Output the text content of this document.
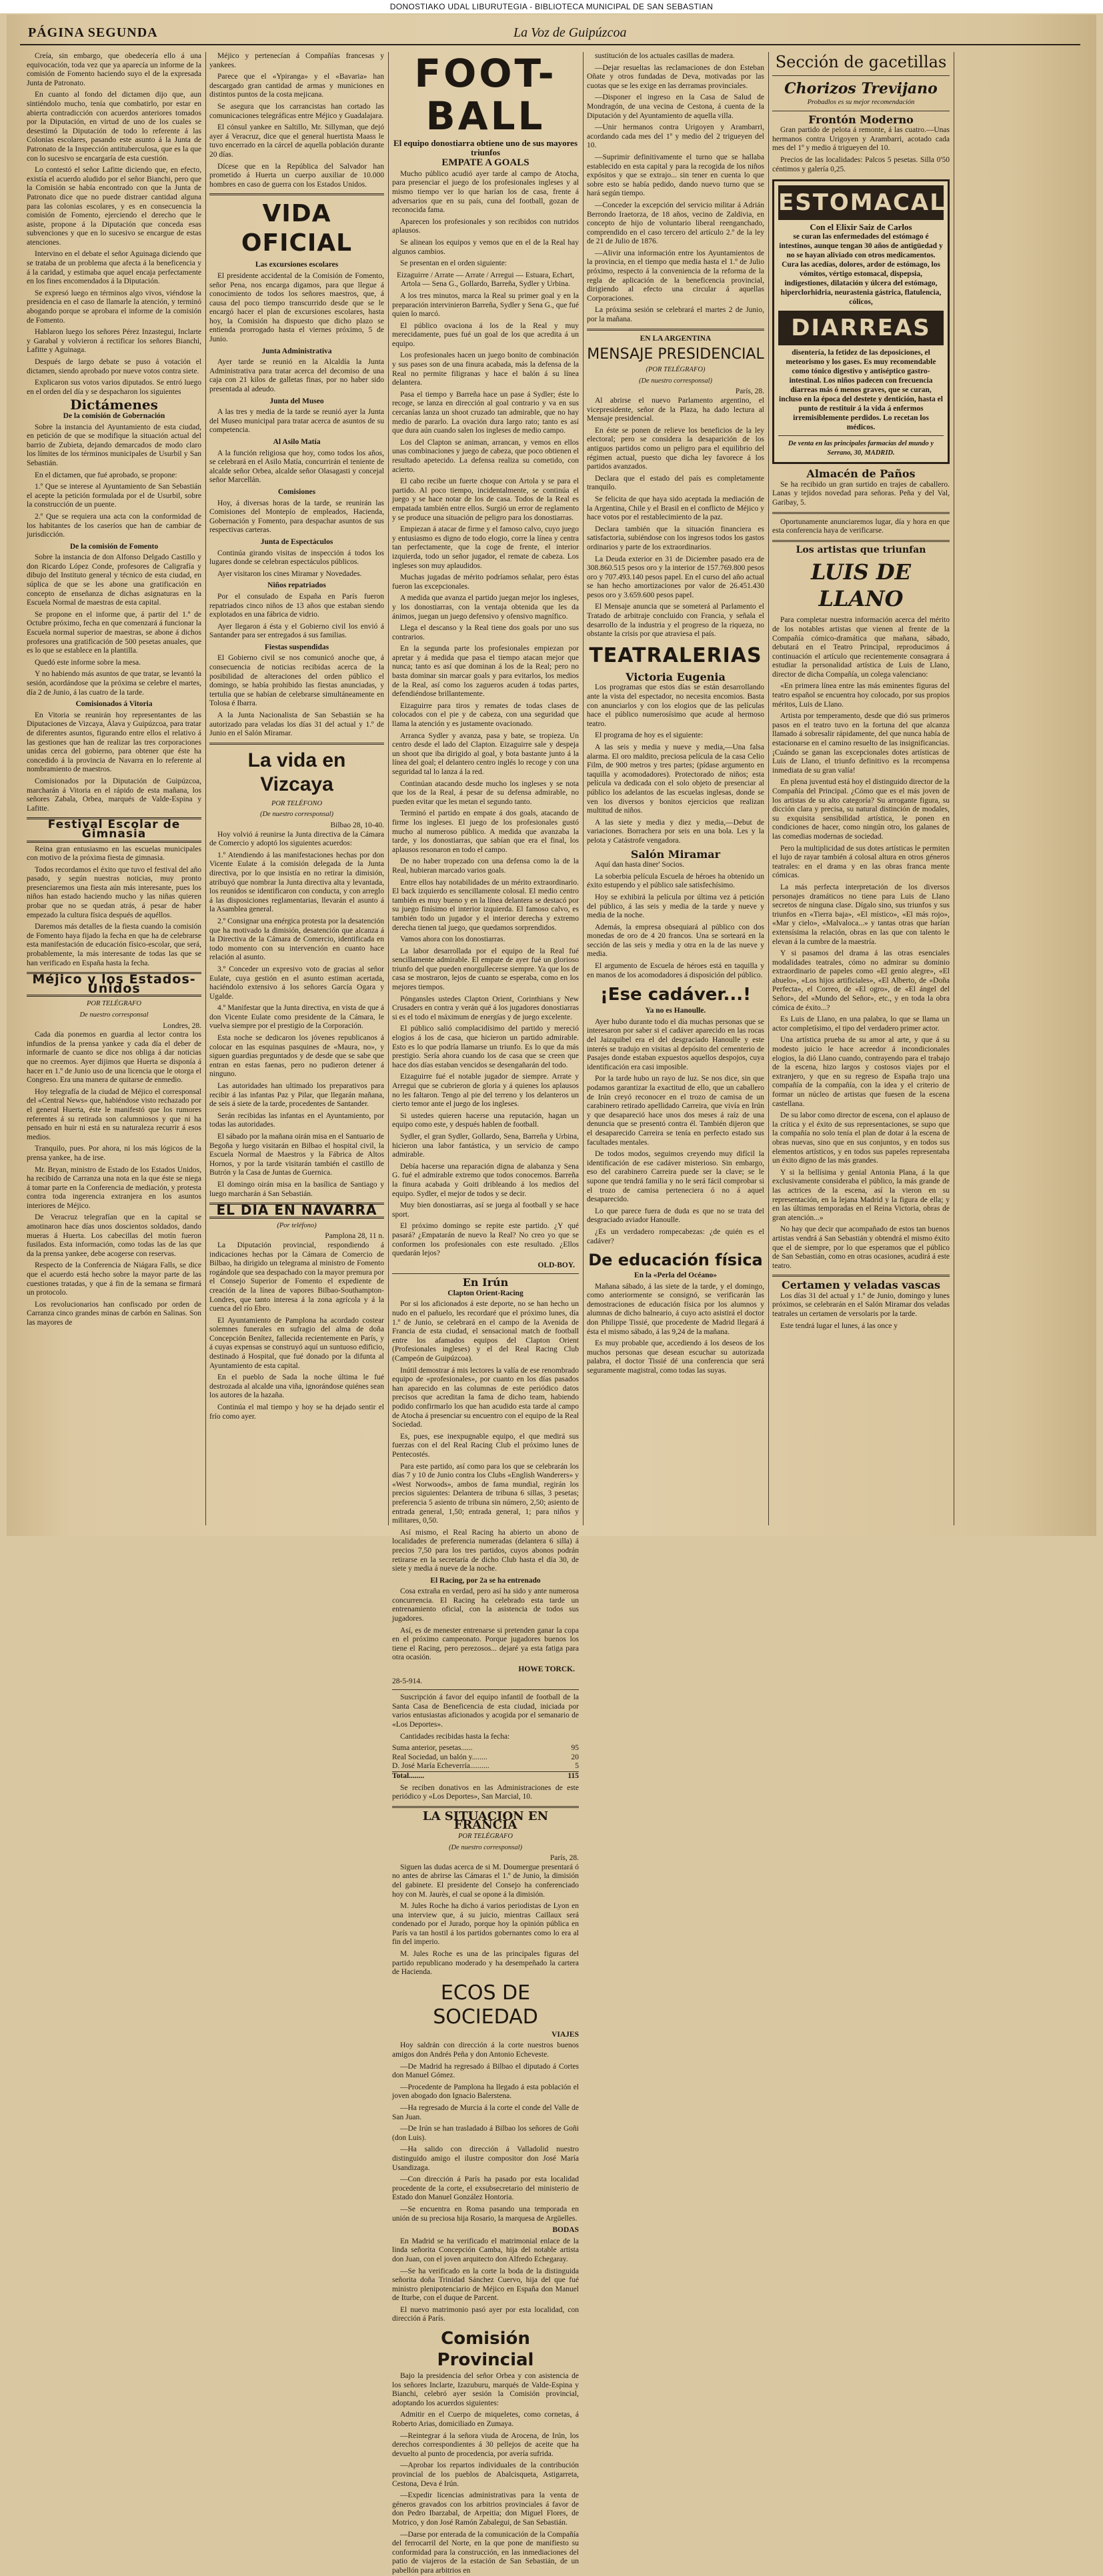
DONOSTIAKO UDAL LIBURUTEGIA - BIBLIOTECA MUNICIPAL DE SAN SEBASTIAN
PÁGINA SEGUNDA	La Voz de Guipúzcoa

Creía, sin embargo, que obedecería ello á una equivocación, toda vez que ya aparecía un informe de la comisión de Fomento haciendo suyo el de la expresada Junta de Patronato.

En cuanto al fondo del dictamen dijo que, aun sintiéndolo mucho, tenía que combatirlo, por estar en abierta contradicción con acuerdos anteriores tomados por la Diputación, en virtud de uno de los cuales se desestimó la Diputación de todo lo referente á las Colonias escolares, pasando este asunto á la Junta de Patronato de la Inspección antituberculosa, que es la que con lo sucesivo se encargaría de esta cuestión.

Lo contestó el señor Lafitte diciendo que, en efecto, existía el acuerdo aludido por el señor Bianchi, pero que la Comisión se había encontrado con que la Junta de Patronato dice que no puede distraer cantidad alguna para las colonias escolares, y es en consecuencia la comisión de Fomento, ejerciendo el derecho que le asiste, propone á la Diputación que conceda esas subvenciones y que en lo sucesivo se encargue de estas atenciones.

Intervino en el debate el señor Aguinaga diciendo que se trataba de un problema que afecta á la beneficencia y á la caridad, y estimaba que aquel encaja perfectamente en los fines encomendados á la Diputación.

Se expresó luego en términos algo vivos, viéndose la presidencia en el caso de llamarle la atención, y terminó abogando porque se aprobara el informe de la comisión de Fomento.

Hablaron luego los señores Pérez Inzastegui, Inclarte y Garabal y volvieron á rectificar los señores Bianchi, Lafitte y Aguinaga.

Después de largo debate se puso á votación el dictamen, siendo aprobado por nueve votos contra siete.

Explicaron sus votos varios diputados. Se entró luego en el orden del día y se despacharon los siguientes

Dictámenes
De la comisión de Gobernación

Sobre la instancia del Ayuntamiento de esta ciudad, en petición de que se modifique la situación actual del barrio de Zubieta, dejando demarcados de modo claro los límites de los términos municipales de Usurbil y San Sebastián.

En el dictamen, que fué aprobado, se propone:

1.º Que se interese al Ayuntamiento de San Sebastián el acepte la petición formulada por el de Usurbil, sobre la construcción de un puente.

2.º Que se requiera una acta con la conformidad de los habitantes de los caseríos que han de cambiar de jurisdicción.

De la comisión de Fomento

Sobre la instancia de don Alfonso Delgado Castillo y don Ricardo López Conde, profesores de Caligrafía y dibujo del Instituto general y técnico de esta ciudad, en súplica de que se les abone una gratificación en concepto de enseñanza de dichas asignaturas en la Escuela Normal de maestras de esta capital.

Se propone en el informe que, á partir del 1.º de Octubre próximo, fecha en que comenzará á funcionar la Escuela normal superior de maestras, se abone á dichos profesores una gratificación de 500 pesetas anuales, que es lo que se establece en la plantilla.

Quedó este informe sobre la mesa.

Y no habiendo más asuntos de que tratar, se levantó la sesión, acordándose que la próxima se celebre el martes, día 2 de Junio, á las cuatro de la tarde.

Comisionados á Vitoria

En Vitoria se reunirán hoy representantes de las Diputaciones de Vizcaya, Álava y Guipúzcoa, para tratar de diferentes asuntos, figurando entre ellos el relativo á las gestiones que han de realizar las tres corporaciones unidas cerca del gobierno, para obtener que éste ha concedido á la provincia de Navarra en lo referente al nombramiento de maestros.

Comisionados por la Diputación de Guipúzcoa, marcharán á Vitoria en el rápido de esta mañana, los señores Zabala, Orbea, marqués de Valde-Espina y Lafitte.

Festival Escolar de Gimnasia

Reina gran entusiasmo en las escuelas municipales con motivo de la próxima fiesta de gimnasia.

Todos recordamos el éxito que tuvo el festival del año pasado, y según nuestras noticias, muy pronto presenciaremos una fiesta aún más interesante, pues los niños han estado haciendo mucho y las niñas quieren probar que no se quedan atrás, á pesar de haber empezado la cultura física después de aquéllos.

Daremos más detalles de la fiesta cuando la comisión de Fomento haya fijado la fecha en que ha de celebrarse esta manifestación de educación físico-escolar, que será, probablemente, la más interesante de todas las que se han verificado en España hasta la fecha.

Méjico y los Estados-Unidos
POR TELÉGRAFO
De nuestro corresponsal
Londres, 28.

Cada día ponemos en guardia al lector contra los infundios de la prensa yankee y cada día el deber de informarle de cuanto se dice nos obliga á dar noticias que no creemos. Ayer dijimos que Huerta se disponía á hacer en 1.º de Junio uso de una licencia que le otorga el Congreso. Era una manera de quitarse de enmedio.

Hoy telegrafía de la ciudad de Méjico el corresponsal del «Central News» que, habiéndose visto rechazado por el general Huerta, éste le manifestó que los rumores referentes á su retirada son calumniosos y que ni ha pensado en huir ni está en su naturaleza recurrir á esos medios.

Tranquilo, pues. Por ahora, ni los más lógicos de la prensa yankee, ha de irse.

Mr. Bryan, ministro de Estado de los Estados Unidos, ha recibido de Carranza una nota en la que éste se niega á tomar parte en la Conferencia de mediación, y protesta contra toda ingerencia extranjera en los asuntos interiores de Méjico.

De Veracruz telegrafían que en la capital se amotinaron hace días unos doscientos soldados, dando mueras á Huerta. Los cabecillas del motín fueron fusilados. Esta información, como todas las de las que da la prensa yankee, debe acogerse con reservas.

Respecto de la Conferencia de Niágara Falls, se dice que el acuerdo está hecho sobre la mayor parte de las cuestiones tratadas, y que á fin de la semana se firmará un protocolo.

Los revolucionarios han confiscado por orden de Carranza cinco grandes minas de carbón en Salinas. Son las mayores de

Méjico y pertenecían á Compañías francesas y yankees.

Parece que el «Ypiranga» y el «Bavaria» han descargado gran cantidad de armas y municiones en distintos puntos de la costa mejicana.

Se asegura que los carrancistas han cortado las comunicaciones telegráficas entre Méjico y Guadalajara.

El cónsul yankee en Saltillo, Mr. Sillyman, que dejó ayer á Veracruz, dice que el general huertista Maass le tuvo encerrado en la cárcel de aquella población durante 20 días.

Dícese que en la República del Salvador han prometido á Huerta un cuerpo auxiliar de 10.000 hombres en caso de guerra con los Estados Unidos.

VIDA OFICIAL
Las excursiones escolares

El presidente accidental de la Comisión de Fomento, señor Pena, nos encarga digamos, para que llegue á conocimiento de todos los señores maestros, que, á causa del poco tiempo transcurrido desde que se le encargó hacer el plan de excursiones escolares, hasta hoy, la Comisión ha dispuesto que dicho plazo se entienda prorrogado hasta el viernes próximo, 5 de Junio.

Junta Administrativa

Ayer tarde se reunió en la Alcaldía la Junta Administrativa para tratar acerca del decomiso de una caja con 21 kilos de galletas finas, por no haber sido presentada al adeudo.

Junta del Museo

A las tres y media de la tarde se reunió ayer la Junta del Museo municipal para tratar acerca de asuntos de su competencia.

Al Asilo Matía

A la función religiosa que hoy, como todos los años, se celebrará en el Asilo Matía, concurrirán el teniente de alcalde señor Orbea, alcalde señor Olasagasti y concejal señor Marcellán.

Comisiones

Hoy, á diversas horas de la tarde, se reunirán las Comisiones del Montepío de empleados, Hacienda, Gobernación y Fomento, para despachar asuntos de sus respectivas carteras.

Junta de Espectáculos

Continúa girando visitas de inspección á todos los lugares donde se celebran espectáculos públicos.

Ayer visitaron los cines Miramar y Novedades.

Niños repatriados

Por el consulado de España en París fueron repatriados cinco niños de 13 años que estaban siendo explotados en una fábrica de vidrio.

Ayer llegaron á ésta y el Gobierno civil los envió á Santander para ser entregados á sus familias.

Fiestas suspendidas

El Gobierno civil se nos comunicó anoche que, á consecuencia de noticias recibidas acerca de la posibilidad de alteraciones del orden público el domingo, se había prohibido las fiestas anunciadas, y tertulia que se habían de celebrarse simultáneamente en Tolosa é Ibarra.

A la Junta Nacionalista de San Sebastián se ha autorizado para veladas los días 31 del actual y 1.º de Junio en el Salón Miramar.

La vida en Vizcaya
POR TELÉFONO
(De nuestro corresponsal)
Bilbao 28, 10-40.

Hoy volvió á reunirse la Junta directiva de la Cámara de Comercio y adoptó los siguientes acuerdos:

1.º Atendiendo á las manifestaciones hechas por don Vicente Eulate á la comisión delegada de la Junta directiva, por lo que insistía en no retirar la dimisión, atribuyó que nombrar la Junta directiva alta y levantada, los reunidos se identificaron con conducta, y con arreglo á las disposiciones reglamentarias, llevarán el asunto á la Asamblea general.

2.º Consignar una enérgica protesta por la desatención que ha motivado la dimisión, desatención que alcanza á la Directiva de la Cámara de Comercio, identificada en todo momento con su intervención en cuanto hace relación al asunto.

3.º Conceder un expresivo voto de gracias al señor Eulate, cuya gestión en el asunto estiman acertada, haciéndolo extensivo á los señores García Ogara y Ugalde.

4.º Manifestar que la Junta directiva, en vista de que á don Vicente Eulate como presidente de la Cámara, le vuelva siempre por el prestigio de la Corporación.

Esta noche se dedicaron los jóvenes republicanos á colocar en las esquinas pasquines de «Maura, no», y siguen guardias preguntados y de desde que se sabe que entran en estas faenas, pero no pudieron detener á ninguno.

Las autoridades han ultimado los preparativos para recibir á las infantas Paz y Pilar, que llegarán mañana, de seis á siete de la tarde, procedentes de Santander.

Serán recibidas las infantas en el Ayuntamiento, por todas las autoridades.

El sábado por la mañana oirán misa en el Santuario de Begoña y luego visitarán en Bilbao el hospital civil, la Escuela Normal de Maestros y la Fábrica de Altos Hornos, y por la tarde visitarán también el castillo de Butrón y la Casa de Juntas de Guernica.

El domingo oirán misa en la basílica de Santiago y luego marcharán á San Sebastián.

EL DIA EN NAVARRA
(Por teléfono)
Pamplona 28, 11 n.

La Diputación provincial, respondiendo á indicaciones hechas por la Cámara de Comercio de Bilbao, ha dirigido un telegrama al ministro de Fomento rogándole que sea despachado con la mayor premura por el Consejo Superior de Fomento el expediente de creación de la línea de vapores Bilbao-Southampton-Londres, que tanto interesa á la zona agrícola y á la cuenca del río Ebro.

El Ayuntamiento de Pamplona ha acordado costear solemnes funerales en sufragio del alma de doña Concepción Benítez, fallecida recientemente en París, y á cuyas expensas se construyó aquí un suntuoso edificio, destinado á Hospital, que fué donado por la difunta al Ayuntamiento de esta capital.

En el pueblo de Sada la noche última le fué destrozada al alcalde una viña, ignorándose quiénes sean los autores de la hazaña.

Continúa el mal tiempo y hoy se ha dejado sentir el frío como ayer.

FOOT-BALL
El equipo donostiarra obtiene uno de sus mayores triunfos
EMPATE A GOALS

Mucho público acudió ayer tarde al campo de Atocha, para presenciar el juego de los profesionales ingleses y al mismo tiempo ver lo que harían los de casa, frente á adversarios que en su país, cuna del football, gozan de reconocida fama.

Aparecen los profesionales y son recibidos con nutridos aplausos.

Se alinean los equipos y vemos que en el de la Real hay algunos cambios.

Se presentan en el orden siguiente:

Eizaguirre / Arrate — Arrate / Arregui — Estuara, Echart, Artola — Sena G., Gollardo, Barreña, Sydler y Urbina.

A los tres minutos, marca la Real su primer goal y en la preparación intervinieron Barreña, Sydler y Sena G., que fué quien lo marcó.

El público ovaciona á los de la Real y muy merecidamente, pues fué un goal de los que acredita á un equipo.

Los profesionales hacen un juego bonito de combinación y sus pases son de una finura acabada, más la defensa de la Real no permite filigranas y hace el balón á su línea delantera.

Pasa el tiempo y Barreña hace un pase á Sydler; éste lo recoge, se lanza en dirección al goal contrario y va en sus cercanías lanza un shoot cruzado tan admirable, que no hay medio de pararlo. La ovación dura largo rato; tanto es así que dura aún cuando salen los ingleses de medio campo.

Los del Clapton se animan, arrancan, y vemos en ellos unas combinaciones y juego de cabeza, que poco obtienen el resultado apetecido. La defensa realiza su cometido, con acierto.

El cabo recibe un fuerte choque con Artola y se para el partido. Al poco tiempo, incidentalmente, se continúa el juego y se hace notar de los de casa. Todos de la Real es empatada también entre ellos. Surgió un error de reglamento y se produce una situación de peligro para los donostiarras.

Empiezan á atacar de firme y el famoso calvo, cuyo juego y entusiasmo es digno de todo elogio, corre la línea y centra tan perfectamente, que la coge de frente, el interior izquierda, todo un señor jugador, el remate de cabeza. Los ingleses son muy aplaudidos.

Muchas jugadas de mérito podríamos señalar, pero éstas fueron las excepcionales.

A medida que avanza el partido juegan mejor los ingleses, y los donostiarras, con la ventaja obtenida que les da ánimos, juegan un juego defensivo y ofensivo magnífico.

Llega el descanso y la Real tiene dos goals por uno sus contrarios.

En la segunda parte los profesionales empiezan por apretar y á medida que pasa el tiempo atacan mejor que nunca; tanto es así que dominan á los de la Real; pero no basta dominar sin marcar goals y para evitarlos, los medios de la Real, así como los zagueros acuden á todas partes, defendiéndose brillantemente.

Eizaguirre para tiros y remates de todas clases de colocados con el pie y de cabeza, con una seguridad que llama la atención y es justamente ovacionado.

Arranca Sydler y avanza, pasa y bate, se tropieza. Un centro desde el lado del Clapton. Eizaguirre sale y despeja un shoot que iba dirigido al goal, y bota bastante junto á la línea del goal; el delantero centro inglés lo recoge y con una seguridad tal lo lanza á la red.

Continúan atacando desde mucho los ingleses y se nota que los de la Real, á pesar de su defensa admirable, no pueden evitar que les metan el segundo tanto.

Terminó el partido en empate á dos goals, atacando de firme los ingleses. El juego de los profesionales gustó mucho al numeroso público. A medida que avanzaba la tarde, y los donostiarras, que sabían que era el final, los aplausos resonaron en todo el campo.

De no haber tropezado con una defensa como la de la Real, hubieran marcado varios goals.

Entre ellos hay notabilidades de un mérito extraordinario. El back izquierdo es sencillamente colosal. El medio centro también es muy bueno y en la línea delantera se destacó por su juego finísimo el interior izquierda. El famoso calvo, es también todo un jugador y el interior derecha y extremo derecha tienen tal juego, que quedamos sorprendidos.

Vamos ahora con los donostiarras.

La labor desarrollada por el equipo de la Real fué sencillamente admirable. El empate de ayer fué un glorioso triunfo del que pueden enorgullecerse siempre. Ya que los de casa se mostraron, lejos de cuanto se esperaba, como en los mejores tiempos.

Póngansles ustedes Clapton Orient, Corinthians y New Crusaders en contra y verán qué á los jugadores donostiarras si es el todo el máximum de energías y de juego excelente.

El público salió complacidísimo del partido y mereció elogios á los de casa, que hicieron un partido admirable. Esto es lo que podría llamarse un triunfo. Es lo que da más prestigio. Sería ahora cuando los de casa que se creen que hace dos días estaban vencidos se desengañarán del todo.

Eizaguirre fué el notable jugador de siempre. Arrate y Arregui que se cubrieron de gloria y á quienes los aplausos no les faltaron. Tengo al pie del terreno y los delanteros un cierto temor ante el juego de los ingleses.

Si ustedes quieren hacerse una reputación, hagan un equipo como este, y después hablen de football.

Sydler, el gran Sydler, Gollardo, Sena, Barreña y Urbina, hicieron una labor fantástica, y un servicio de campo admirable.

Debía hacerse una reparación digna de alabanza y Sena G. fué el admirable extremo que todos conocemos. Barreña la finura acabada y Goiti dribleando á los medios del equipo. Sydler, el mejor de todos y se decir.

Muy bien donostiarras, así se juega al football y se hace sport.

El próximo domingo se repite este partido. ¿Y qué pasará? ¿Empatarán de nuevo la Real? No creo yo que se conformen los profesionales con este resultado. ¿Ellos quedarán lejos?

OLD-BOY.
En Irún
Clapton Orient-Racing

Por si los aficionados á este deporte, no se han hecho un nudo en el pañuelo, les recordaré que el próximo lunes, día 1.º de Junio, se celebrará en el campo de la Avenida de Francia de esta ciudad, el sensacional match de football entre los afamados equipos del Clapton Orient (Profesionales ingleses) y el del Real Racing Club (Campeón de Guipúzcoa).

Inútil demostrar á mis lectores la valía de ese renombrado equipo de «profesionales», por cuanto en los días pasados han aparecido en las columnas de este periódico datos precisos que acreditan la fama de dicho team, habiendo podido confirmarlo los que han acudido esta tarde al campo de Atocha á presenciar su encuentro con el equipo de la Real Sociedad.

Es, pues, ese inexpugnable equipo, el que medirá sus fuerzas con el del Real Racing Club el próximo lunes de Pentecostés.

Para este partido, así como para los que se celebrarán los días 7 y 10 de Junio contra los Clubs «English Wanderers» y «West Norwoods», ambos de fama mundial, regirán los precios siguientes: Delantera de tribuna 6 sillas, 3 pesetas; preferencia 5 asiento de tribuna sin número, 2,50; asiento de entrada general, 1,50; entrada general, 1; para niños y militares, 0,50.

Así mismo, el Real Racing ha abierto un abono de localidades de preferencia numeradas (delantera 6 silla) á precios 7,50 para los tres partidos, cuyos abonos podrán retirarse en la secretaría de dicho Club hasta el día 30, de siete y media á nueve de la noche.

El Racing, por 2a se ha entrenado

Cosa extraña en verdad, pero así ha sido y ante numerosa concurrencia. El Racing ha celebrado esta tarde un entrenamiento oficial, con la asistencia de todos sus jugadores.

Así, es de menester entrenarse si pretenden ganar la copa en el próximo campeonato. Porque jugadores buenos los tiene el Racing, pero perezosos... dejaré ya esta fatiga para otra ocasión.

HOWE TORCK.
28-5-914.

Suscripción á favor del equipo infantil de football de la Santa Casa de Beneficencia de esta ciudad, iniciada por varios entusiastas aficionados y acogida por el semanario de «Los Deportes».

Cantidades recibidas hasta la fecha:

Suma anterior, pesetas......	95
Real Sociedad, un balón y........	20
D. José María Echeverría..........	5
Total........	115

Se reciben donativos en las Administraciones de este periódico y «Los Deportes», San Marcial, 10.

LA SITUACION EN FRANCIA
POR TELÉGRAFO
(De nuestro corresponsal)
París, 28.

Siguen las dudas acerca de si M. Doumergue presentará ó no antes de abrirse las Cámaras el 1.º de Junio, la dimisión del gabinete. El presidente del Consejo ha conferenciado hoy con M. Jaurès, el cual se opone á la dimisión.

M. Jules Roche ha dicho á varios periodistas de Lyon en una interview que, á su juicio, mientras Caillaux será condenado por el Jurado, porque hoy la opinión pública en París va tan hostil á los partidos gobernantes como lo era al fin del imperio.

M. Jules Roche es una de las principales figuras del partido republicano moderado y ha desempeñado la cartera de Hacienda.

ECOS DE SOCIEDAD
VIAJES

Hoy saldrán con dirección á la corte nuestros buenos amigos don Andrés Peña y don Antonio Echeveste.

—De Madrid ha regresado á Bilbao el diputado á Cortes don Manuel Gómez.

—Procedente de Pamplona ha llegado á esta población el joven abogado don Ignacio Balerstena.

—Ha regresado de Murcia á la corte el conde del Valle de San Juan.

—De Irún se han trasladado á Bilbao los señores de Goñi (don Luis).

—Ha salido con dirección á Valladolid nuestro distinguido amigo el ilustre compositor don José María Usandizaga.

—Con dirección á París ha pasado por esta localidad procedente de la corte, el exsubsecretario del ministerio de Estado don Manuel González Hontoria.

—Se encuentra en Roma pasando una temporada en unión de su preciosa hija Rosario, la marquesa de Argüelles.

BODAS

En Madrid se ha verificado el matrimonial enlace de la linda señorita Concepción Camba, hija del notable artista don Juan, con el joven arquitecto don Alfredo Echegaray.

—Se ha verificado en la corte la boda de la distinguida señorita doña Trinidad Sánchez Cuervo, hija del que fué ministro plenipotenciario de Méjico en España don Manuel de Iturbe, con el duque de Parcent.

El nuevo matrimonio pasó ayer por esta localidad, con dirección á París.

Comisión Provincial

Bajo la presidencia del señor Orbea y con asistencia de los señores Inclarte, Izazuburu, marqués de Valde-Espina y Bianchi, celebró ayer sesión la Comisión provincial, adoptando los acuerdos siguientes:

Admitir en el Cuerpo de miqueletes, como cornetas, á Roberto Arias, domiciliado en Zumaya.

—Reintegrar á la señora viuda de Arocena, de Irún, los derechos correspondientes á 30 pellejos de aceite que ha devuelto al punto de procedencia, por avería sufrida.

—Aprobar los repartos individuales de la contribución provincial de los pueblos de Abalcisqueta, Astigarreta, Cestona, Deva é Irún.

—Expedir licencias administrativas para la venta de géneros gravados con los arbitrios provinciales á favor de don Pedro Ibarzabal, de Arpeitia; don Miguel Flores, de Motrico, y don José Ramón Zabalegui, de San Sebastián.

—Darse por enterada de la comunicación de la Compañía del ferrocarril del Norte, en la que pone de manifiesto su conformidad para la construcción, en las inmediaciones del patio de viajeros de la estación de San Sebastián, de un pabellón para arbitrios en

sustitución de los actuales casillas de madera.

—Dejar resueltas las reclamaciones de don Esteban Oñate y otros fundadas de Deva, motivadas por las cuotas que se les exige en las derramas provinciales.

—Disponer el ingreso en la Casa de Salud de Mondragón, de una vecina de Cestona, á cuenta de la Diputación y del Ayuntamiento de aquella villa.

—Unir hermanos contra Urigoyen y Arambarri, acordando cada mes del 1º y medio del 2 trigueyen del 10.

—Suprimir definitivamente el turno que se hallaba establecido en esta capital y para la recogida de los niños expósitos y que se extrajo... sin tener en cuenta lo que sobre esto se había pedido, dando nuevo turno que se hará según tiempo.

—Conceder la excepción del servicio militar á Adrián Berrondo Iraetorza, de 18 años, vecino de Zaldivia, en concepto de hijo de voluntario liberal reenganchado, comprendido en el caso tercero del artículo 2.º de la ley de 21 de Julio de 1876.

—Alivir una información entre los Ayuntamientos de la provincia, en el tiempo que media hasta el 1.º de Julio próximo, respecto á la conveniencia de la reforma de la regla de aplicación de la beneficencia provincial, dirigiendo al efecto una circular á aquellas Corporaciones.

La próxima sesión se celebrará el martes 2 de Junio, por la mañana.

EN LA ARGENTINA
MENSAJE PRESIDENCIAL
(POR TELÉGRAFO)
(De nuestro corresponsal)
París, 28.

Al abrirse el nuevo Parlamento argentino, el vicepresidente, señor de la Plaza, ha dado lectura al Mensaje presidencial.

En éste se ponen de relieve los beneficios de la ley electoral; pero se considera la desaparición de los antiguos partidos como un peligro para el equilibrio del régimen actual, puesto que dicha ley favorece á los partidos avanzados.

Declara que el estado del país es completamente tranquilo.

Se felicita de que haya sido aceptada la mediación de la Argentina, Chile y el Brasil en el conflicto de Méjico y hace votos por el restablecimiento de la paz.

Declara también que la situación financiera es satisfactoria, subiéndose con los ingresos todos los gastos ordinarios y parte de los extraordinarios.

La Deuda exterior en 31 de Diciembre pasado era de 308.860.515 pesos oro y la interior de 157.769.800 pesos oro y 707.493.140 pesos papel. En el curso del año actual se han hecho amortizaciones por valor de 26.451.430 pesos oro y 3.659.600 pesos papel.

El Mensaje anuncia que se someterá al Parlamento el Tratado de arbitraje concluido con Francia, y señala el desarrollo de la industria y el progreso de la riqueza, no obstante la crisis por que atraviesa el país.

TEATRALERIAS
Victoria Eugenia

Los programas que estos días se están desarrollando ante la vista del espectador, no necesita encomios. Basta con anunciarlos y con los elogios que de las películas hace el público numerosísimo que acude al hermoso teatro.

El programa de hoy es el siguiente:

A las seis y media y nueve y media,—Una falsa alarma. El oro maldito, preciosa película de la casa Celio Film, de 900 metros y tres partes; (pídase argumento en taquilla y acomodadores). Protectorado de niños; esta película va dedicada con el solo objeto de presenciar al público los adelantos de las escuelas inglesas, donde se ven los diversos y bonitos ejercicios que realizan multitud de niños.

A las siete y media y diez y media,—Debut de variaciones. Borrachera por seis en una bola. Les y la pelota y Catástrofe vengadora.

Salón Miramar

Aquí dan hasta diner' Socios.

La soberbia película Escuela de héroes ha obtenido un éxito estupendo y el público sale satisfechísimo.

Hoy se exhibirá la película por última vez á petición del público, á las seis y media de la tarde y nueve y media de la noche.

Además, la empresa obsequiará al público con dos monedas de oro de 4 20 francos. Una se sorteará en la sección de las seis y media y otra en la de las nueve y media.

El argumento de Escuela de héroes está en taquilla y en manos de los acomodadores á disposición del público.

¡Ese cadáver...!
Ya no es Hanoulle.

Ayer hubo durante todo el día muchas personas que se interesaron por saber si el cadáver aparecido en las rocas del Jaizquibel era el del desgraciado Hanoulle y este interés se tradujo en visitas al depósito del cementerio de Pasajes donde estaban expuestos aquellos despojos, cuya identificación era casi imposible.

Por la tarde hubo un rayo de luz. Se nos dice, sin que podamos garantizar la exactitud de ello, que un caballero de Irún creyó reconocer en el trozo de camisa de un carabinero retirado apellidado Carreira, que vivía en Irún y que desapareció hace unos dos meses á raíz de una denuncia que se presentó contra él. También dijeron que el desaparecido Carreira se tenía en perfecto estado sus facultades mentales.

De todos modos, seguimos creyendo muy difícil la identificación de ese cadáver misterioso. Sin embargo, eso del carabinero Carreira puede ser la clave; se le supone que tendrá familia y no le será fácil comprobar si el trozo de camisa perteneciera ó no á aquel desaparecido.

Lo que parece fuera de duda es que no se trata del desgraciado aviador Hanoulle.

¿Es un verdadero rompecabezas: ¿de quién es el cadáver?

De educación física
En la «Perla del Océano»

Mañana sábado, á las siete de la tarde, y el domingo, como anteriormente se consignó, se verificarán las demostraciones de educación física por los alumnos y alumnas de dicho balneario, á cuyo acto asistirá el doctor don Philippe Tissié, que procedente de Madrid llegará á ésta el mismo sábado, á las 9,24 de la mañana.

Es muy probable que, accediendo á los deseos de los muchos personas que desean escuchar su autorizada palabra, el doctor Tissié dé una conferencia que será seguramente magistral, como todas las suyas.

Sección de gacetillas
Chorizos Trevijano
Probadlos es su mejor recomendación
Frontón Moderno

Gran partido de pelota á remonte, á las cuatro.—Unas hermanos contra Urigoyen y Arambarri, acotado cada mes del 1º y medio á trigueyen del 10.

Precios de las localidades: Palcos 5 pesetas. Silla 0'50 céntimos y galería 0,25.

ESTOMACAL
Con el Elixir Saiz de Carlos
se curan las enfermedades del estómago é intestinos, aunque tengan 30 años de antigüedad y no se hayan aliviado con otros medicamentos. Cura las acedías, dolores, ardor de estómago, los vómitos, vértigo estomacal, dispepsia, indigestiones, dilatación y úlcera del estómago, hiperclorhidria, neurastenia gástrica, flatulencia, cólicos,
DIARREAS
disentería, la fetidez de las deposiciones, el meteorismo y los gases. Es muy recomendable como tónico digestivo y antiséptico gastro-intestinal. Los niños padecen con frecuencia diarreas más ó menos graves, que se curan, incluso en la época del destete y dentición, hasta el punto de restituir á la vida á enfermos irremisiblemente perdidos. Lo recetan los médicos.
De venta en las principales farmacias del mundo y Serrano, 30, MADRID.
Almacén de Paños

Se ha recibido un gran surtido en trajes de caballero. Lanas y tejidos novedad para señoras. Peña y del Val, Garibay, 5.

Oportunamente anunciaremos lugar, día y hora en que esta conferencia haya de verificarse.

Los artistas que triunfan
LUIS DE LLANO

Para completar nuestra información acerca del mérito de los notables artistas que vienen al frente de la Compañía cómico-dramática que mañana, sábado, debutará en el Teatro Principal, reproducimos á continuación el artículo que recientemente consagrara á estudiar la personalidad artística de Luis de Llano, director de dicha Compañía, un colega valenciano:

«En primera línea entre las más eminentes figuras del teatro español se encuentra hoy colocado, por sus propios méritos, Luis de Llano.

Artista por temperamento, desde que dió sus primeros pasos en el teatro tuvo en la fortuna del que alcanza llamado á sobresalir rápidamente, del que nunca había de estacionarse en el camino resuelto de las insignificancias. ¡Cuándo se ganan las excepcionales dotes artísticas de Luis de Llano, el triunfo definitivo es la recompensa inmediata de su gran valía!

En plena juventud está hoy el distinguido director de la Compañía del Principal. ¿Cómo que es el más joven de los artistas de su alto categoría? Su arrogante figura, su dicción clara y precisa, su natural distinción de modales, su exquisita sensibilidad artística, le ponen en condiciones de hacer, como ningún otro, los galanes de las comedias modernas de sociedad.

Pero la multiplicidad de sus dotes artísticas le permiten el lujo de rayar también á colosal altura en otros géneros teatrales: en el drama y en las obras franca mente cómicas.

La más perfecta interpretación de los diversos personajes dramáticos no tiene para Luis de Llano secretos de ninguna clase. Dígalo sino, sus triunfos y sus triunfos en «Tierra baja», «El místico», «El más rojo», «Mar y cielo», «Malvaloca...» y tantas otras que harían extensísima la relación, obras en las que con talento le elevan á la cumbre de la maestría.

Y si pasamos del drama á las otras esenciales modalidades teatrales, cómo no admirar su dominio extraordinario de papeles como «El genio alegre», «El abuelo», «Los hijos artificiales», «El Alberto, de «Doña Perfecta», el Correo, de «El ogro», de «El ángel del Señor», del «Mundo del Señor», etc., y en toda la obra cómica de éxito...?

Es Luis de Llano, en una palabra, lo que se llama un actor completísimo, el tipo del verdadero primer actor.

Una artística prueba de su amor al arte, y que á su modesto juicio le hace acreedor á incondicionales elogios, la dió Llano cuando, contrayendo para el trabajo de la escena, hizo largos y costosos viajes por el extranjero, y que en su regreso de España trajo una compañía de la compañía, con la idea y el criterio de formar un núcleo de artistas que fuesen de la escena castellana.

De su labor como director de escena, con el aplauso de la crítica y el éxito de sus representaciones, se supo que la compañía no solo tenía el plan de dotar á la escena de obras nuevas, sino que en sus conjuntos, y en todos sus elementos artísticos, y en todos sus papeles representaba un éxito digno de las más grandes.

Y si la bellísima y genial Antonia Plana, á la que exclusivamente consideraba el público, la más grande de las actrices de la escena, así la vieron en su representación, en la lejana Madrid y la figura de ella; y en las últimas temporadas en el Reina Victoria, obras de gran atención...»

No hay que decir que acompañado de estos tan buenos artistas vendrá á San Sebastián y obtendrá el mismo éxito que el de siempre, por lo que esperamos que el público de San Sebastián, como en otras ocasiones, acudirá á este teatro.

Certamen y veladas vascas

Los días 31 del actual y 1.º de Junio, domingo y lunes próximos, se celebrarán en el Salón Miramar dos veladas teatrales un certamen de versolaris por la tarde.

Este tendrá lugar el lunes, á las once y
